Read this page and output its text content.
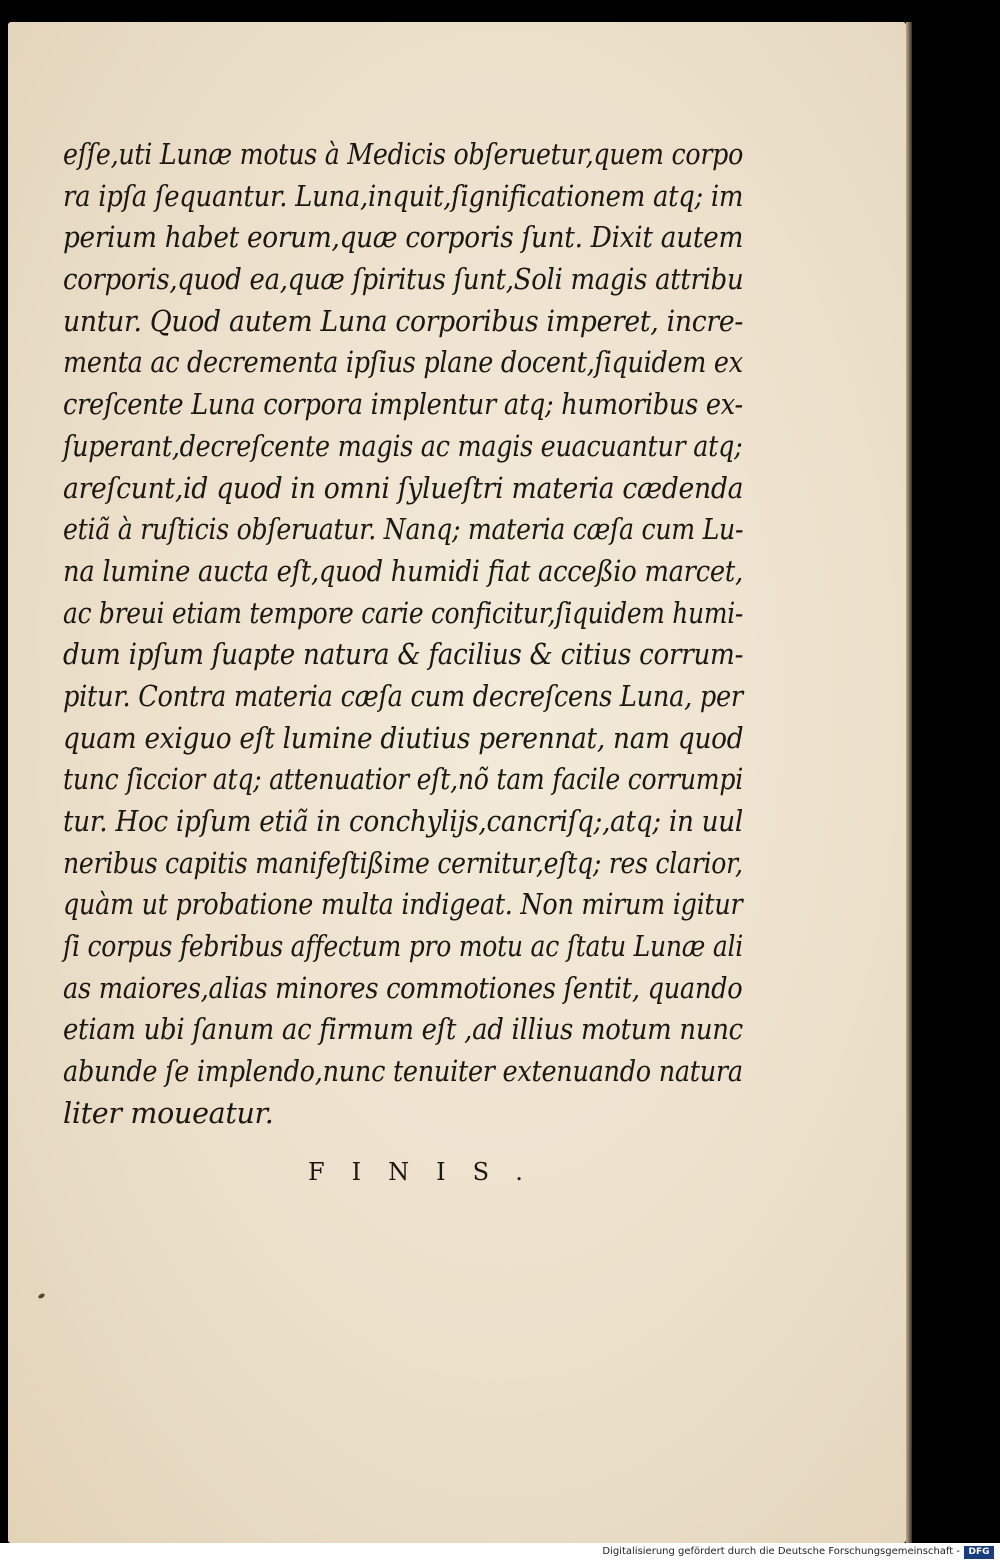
eſſe,uti Lunæ motus à Medicis obſeruetur,quem corpo
ra ipſa ſequantur. Luna,inquit,ſignificationem atq; im
perium habet eorum,quæ corporis ſunt. Dixit autem
corporis,quod ea,quæ ſpiritus ſunt,Soli magis attribu
untur. Quod autem Luna corporibus imperet, incre-
menta ac decrementa ipſius plane docent,ſiquidem ex
creſcente Luna corpora implentur atq; humoribus ex-
ſuperant,decreſcente magis ac magis euacuantur atq;
areſcunt,id quod in omni ſylueſtri materia cædenda
etiã à ruſticis obſeruatur. Nanq; materia cæſa cum Lu-
na lumine aucta eſt,quod humidi fiat acceßio marcet,
ac breui etiam tempore carie conficitur,ſiquidem humi-
dum ipſum ſuapte natura & facilius & citius corrum-
pitur. Contra materia cæſa cum decreſcens Luna, per
quam exiguo eſt lumine diutius perennat, nam quod
tunc ſiccior atq; attenuatior eſt,nõ tam facile corrumpi
tur. Hoc ipſum etiã in conchylijs,cancriſq;,atq; in uul
neribus capitis manifeſtißime cernitur,eſtq; res clarior,
quàm ut probatione multa indigeat. Non mirum igitur
ſi corpus febribus affectum pro motu ac ſtatu Lunæ ali
as maiores,alias minores commotiones ſentit, quando
etiam ubi ſanum ac firmum eſt ,ad illius motum nunc
abunde ſe implendo,nunc tenuiter extenuando natura
liter moueatur.
FINIS.
Digitalisierung gefördert durch die Deutsche Forschungsgemeinschaft - DFG
